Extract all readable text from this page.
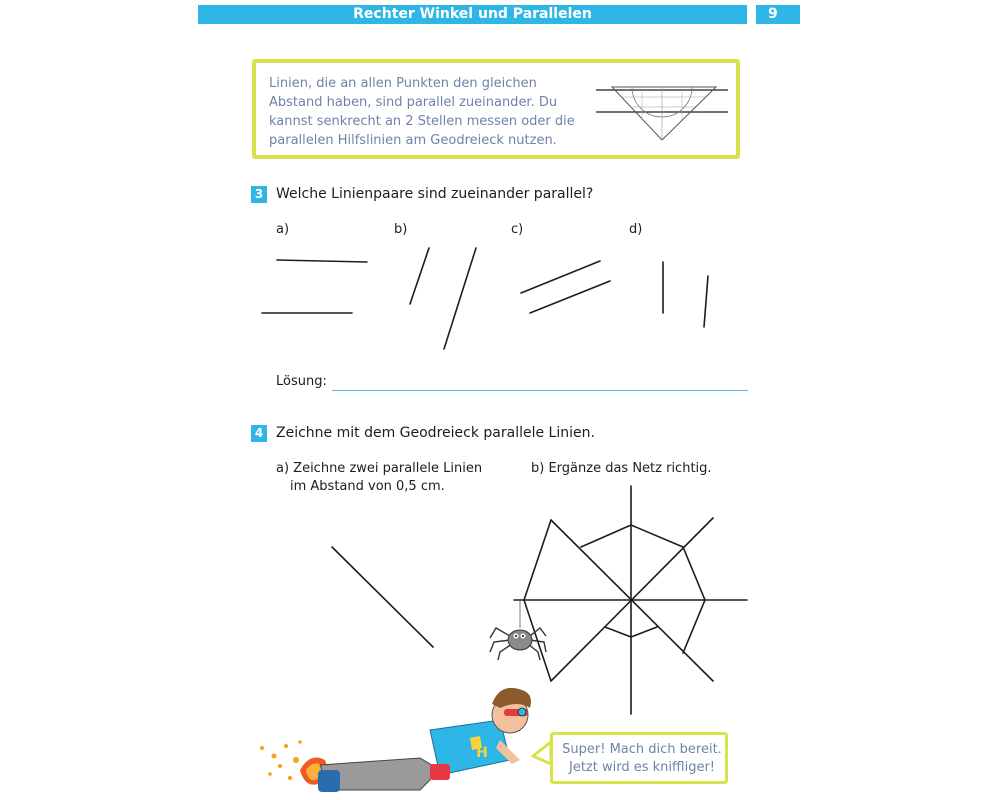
Rechter Winkel und Parallelen	9
Linien, die an allen Punkten den gleichen
Abstand haben, sind parallel zueinander. Du
kannst senkrecht an 2 Stellen messen oder die
parallelen Hilfslinien am Geodreieck nutzen.
3 Welche Linienpaare sind zueinander parallel?
a)	b)	c)	d)
Lösung:
4 Zeichne mit dem Geodreieck parallele Linien.
a) Zeichne zwei parallele Linien
im Abstand von 0,5 cm.
b) Ergänze das Netz richtig.
H	Super! Mach dich bereit.
Jetzt wird es kniffliger!
